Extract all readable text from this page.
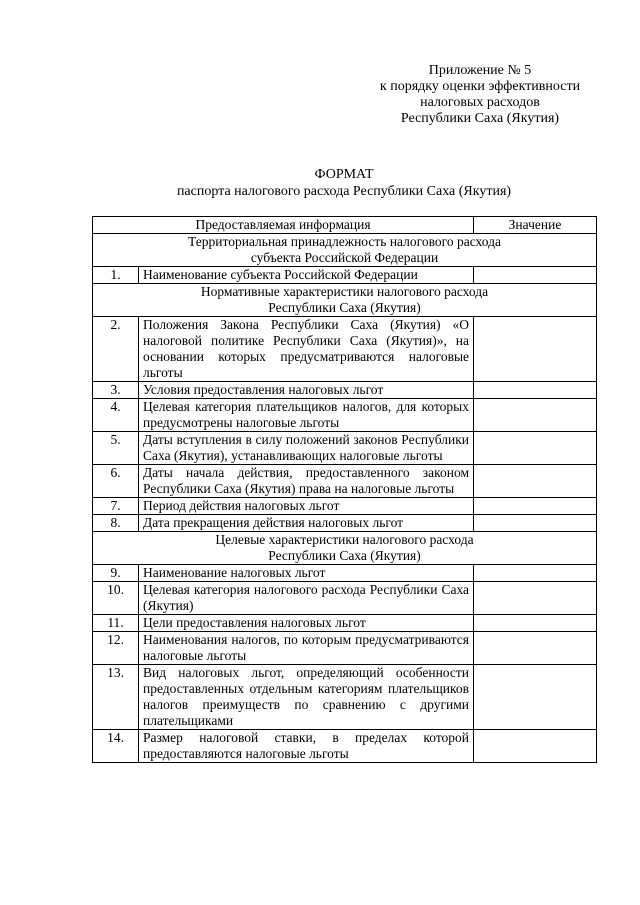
Приложение № 5
к порядку оценки эффективности
налоговых расходов
Республики Саха (Якутия)
ФОРМАТ
паспорта налогового расхода Республики Саха (Якутия)
Предоставляемая информация		Значение

Территориальная принадлежность налогового расхода
субъекта Российской Федерации		

1.	Наименование субъекта Российской Федерации	

Нормативные характеристики налогового расхода
Республики Саха (Якутия)		

2.	Положения Закона Республики Саха (Якутия) «О налоговой политике Республики Саха (Якутия)», на основании которых предусматриваются налоговые льготы	
3.	Условия предоставления налоговых льгот	
4.	Целевая категория плательщиков налогов, для которых предусмотрены налоговые льготы	
5.	Даты вступления в силу положений законов Республики Саха (Якутия), устанавливающих налоговые льготы	
6.	Даты начала действия, предоставленного законом Республики Саха (Якутия) права на налоговые льготы	
7.	Период действия налоговых льгот	
8.	Дата прекращения действия налоговых льгот	

Целевые характеристики налогового расхода
Республики Саха (Якутия)		

9.	Наименование налоговых льгот	
10.	Целевая категория налогового расхода Республики Саха (Якутия)	
11.	Цели предоставления налоговых льгот	
12.	Наименования налогов, по которым предусматриваются налоговые льготы	
13.	Вид налоговых льгот, определяющий особенности предоставленных отдельным категориям плательщиков налогов преимуществ по сравнению с другими плательщиками	
14.	Размер налоговой ставки, в пределах которой предоставляются налоговые льготы	
